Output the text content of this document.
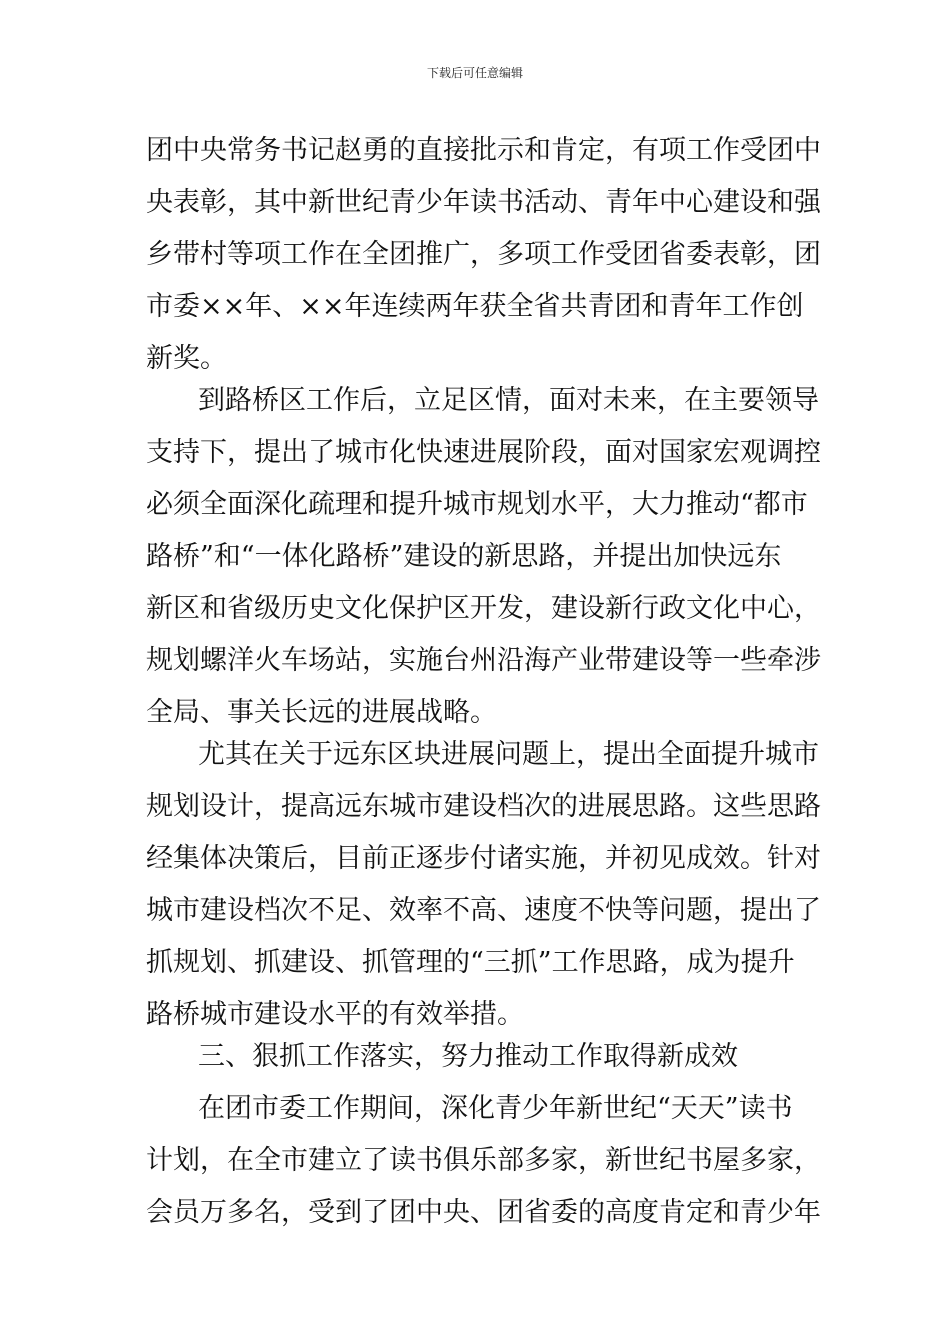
下载后可任意编辑
团中央常务书记赵勇的直接批示和肯定，有项工作受团中
央表彰，其中新世纪青少年读书活动、青年中心建设和强
乡带村等项工作在全团推广，多项工作受团省委表彰，团
市委××年、××年连续两年获全省共青团和青年工作创
新奖。
到路桥区工作后，立足区情，面对未来，在主要领导
支持下，提出了城市化快速进展阶段，面对国家宏观调控
必须全面深化疏理和提升城市规划水平，大力推动“都市
路桥”和“一体化路桥”建设的新思路，并提出加快远东
新区和省级历史文化保护区开发，建设新行政文化中心，
规划螺洋火车场站，实施台州沿海产业带建设等一些牵涉
全局、事关长远的进展战略。
尤其在关于远东区块进展问题上，提出全面提升城市
规划设计，提高远东城市建设档次的进展思路。这些思路
经集体决策后，目前正逐步付诸实施，并初见成效。针对
城市建设档次不足、效率不高、速度不快等问题，提出了
抓规划、抓建设、抓管理的“三抓”工作思路，成为提升
路桥城市建设水平的有效举措。
三、狠抓工作落实，努力推动工作取得新成效
在团市委工作期间，深化青少年新世纪“天天”读书
计划，在全市建立了读书俱乐部多家，新世纪书屋多家，
会员万多名，受到了团中央、团省委的高度肯定和青少年
